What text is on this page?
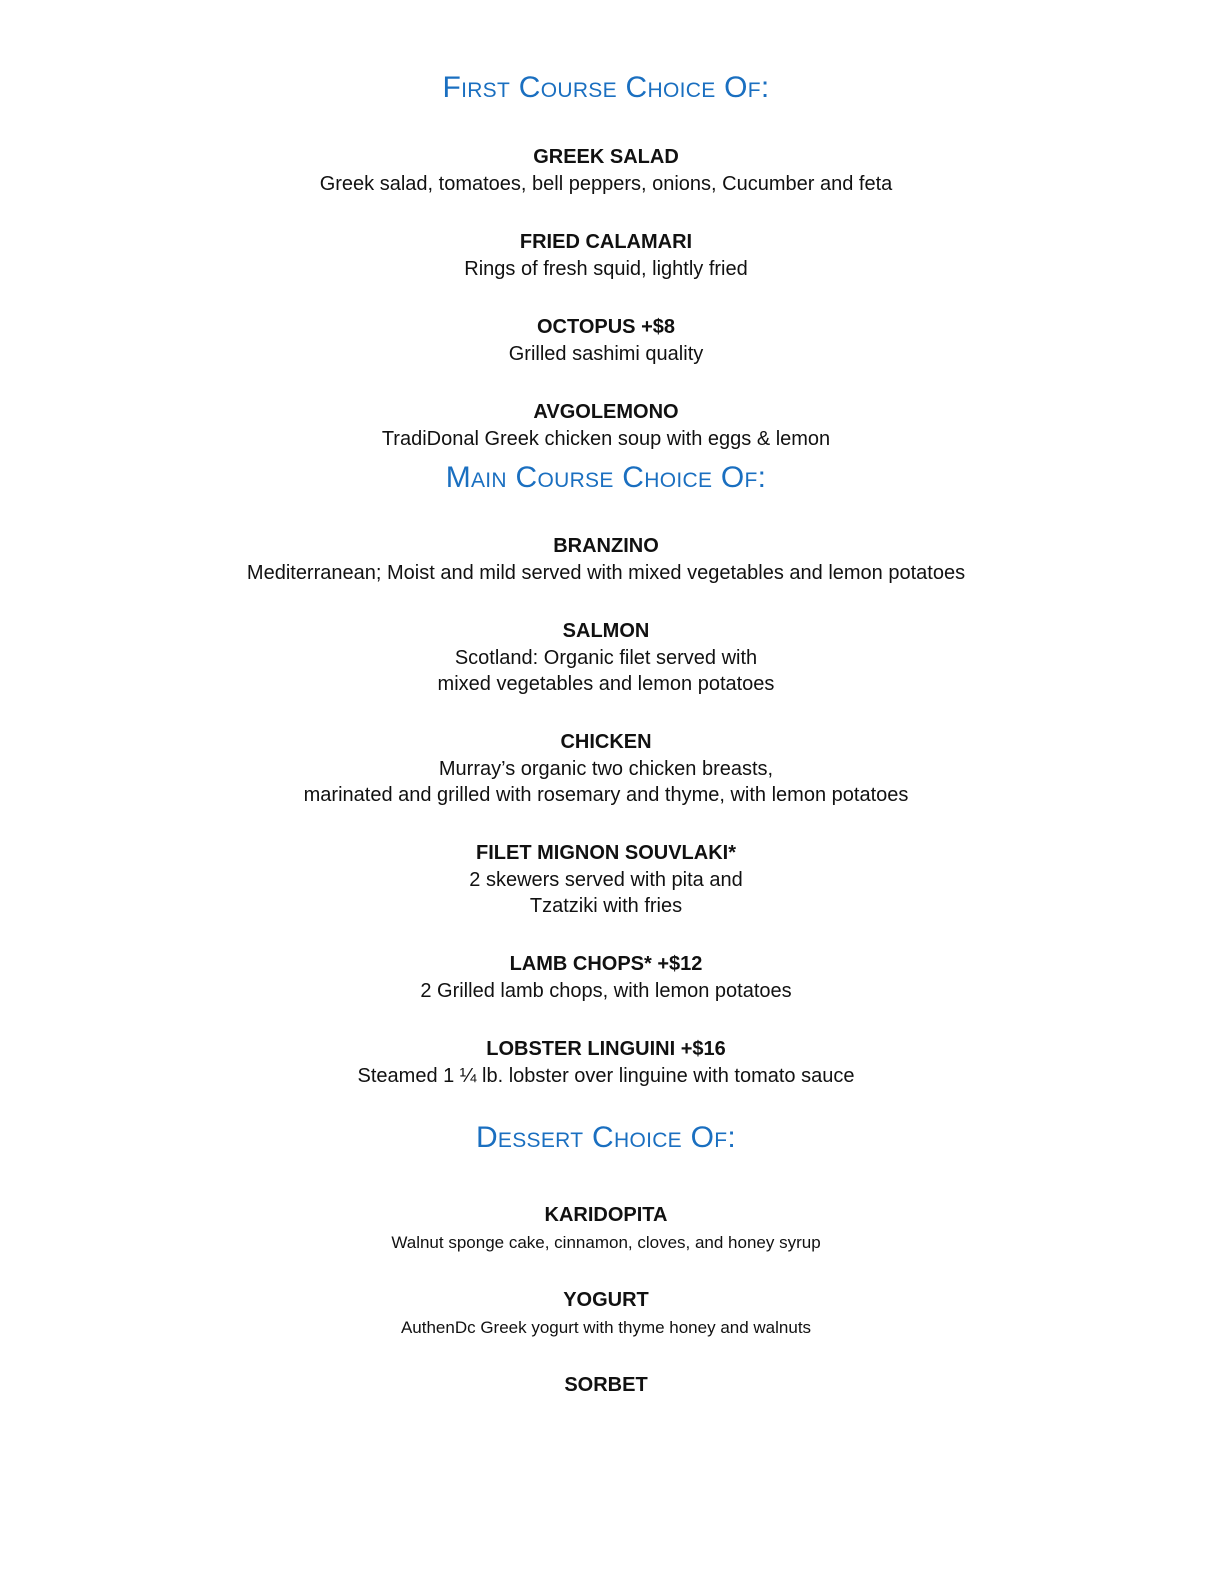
First Course Choice Of:
GREEK SALAD
Greek salad, tomatoes, bell peppers, onions, Cucumber and feta
FRIED CALAMARI
Rings of fresh squid, lightly fried
OCTOPUS +$8
Grilled sashimi quality
AVGOLEMONO
TradiDonal Greek chicken soup with eggs & lemon
Main Course Choice Of:
BRANZINO
Mediterranean; Moist and mild served with mixed vegetables and lemon potatoes
SALMON
Scotland: Organic filet served with
mixed vegetables and lemon potatoes
CHICKEN
Murray’s organic two chicken breasts,
marinated and grilled with rosemary and thyme, with lemon potatoes
FILET MIGNON SOUVLAKI*
2 skewers served with pita and
Tzatziki with fries
LAMB CHOPS* +$12
2 Grilled lamb chops, with lemon potatoes
LOBSTER LINGUINI +$16
Steamed 1 ¼ lb. lobster over linguine with tomato sauce
Dessert Choice Of:
KARIDOPITA
Walnut sponge cake, cinnamon, cloves, and honey syrup
YOGURT
AuthenDc Greek yogurt with thyme honey and walnuts
SORBET
